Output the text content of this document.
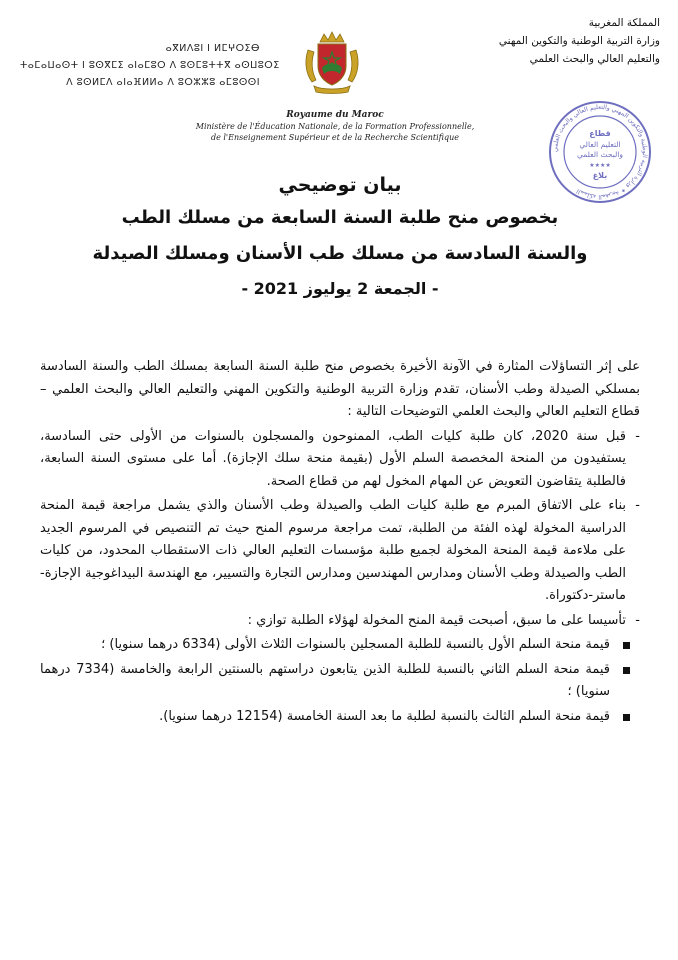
المملكة المغربية
وزارة التربية الوطنية والتكوين المهني
والتعليم العالي والبحث العلمي
ⴰⴳⵍⴷⵓⵏ ⵏ ⵍⵎⵖⵔⵉⴱ
ⵜⴰⵎⴰⵡⴰⵙⵜ ⵏ ⵓⵙⴳⵎⵉ ⴰⵏⴰⵎⵓⵔ ⴷ ⵓⵙⵎⵓⵜⵜⴳ ⴰⵙⵡⵓⵔⵉ
ⴷ ⵓⵙⵍⵎⴷ ⴰⵏⴰⴼⵍⵍⴰ ⴷ ⵓⵔⵣⵣⵓ ⴰⵎⵓⵙⵙⵏ
Royaume du Maroc
Ministère de l'Éducation Nationale, de la Formation Professionnelle,
de l'Enseignement Supérieur et de la Recherche Scientifique
المملكة المغربية ✦ وزارة التربية الوطنية والتكوين المهني والتعليم العالي والبحث العلمي
قطاع
التعليم العالي
والبحث العلمي
★★★★
بلاغ
بيان توضيحي
بخصوص منح طلبة السنة السابعة من مسلك الطب
والسنة السادسة من مسلك طب الأسنان ومسلك الصيدلة
- الجمعة 2 يوليوز 2021 -

على إثر التساؤلات المثارة في الآونة الأخيرة بخصوص منح طلبة السنة السابعة بمسلك الطب والسنة السادسة بمسلكي الصيدلة وطب الأسنان، تقدم وزارة التربية الوطنية والتكوين المهني والتعليم العالي والبحث العلمي – قطاع التعليم العالي والبحث العلمي التوضيحات التالية :

-
قبل سنة 2020، كان طلبة كليات الطب، الممنوحون والمسجلون بالسنوات من الأولى حتى السادسة، يستفيدون من المنحة المخصصة السلم الأول (بقيمة منحة سلك الإجازة). أما على مستوى السنة السابعة، فالطلبة يتقاضون التعويض عن المهام المخول لهم من قطاع الصحة.
-
بناء على الاتفاق المبرم مع طلبة كليات الطب والصيدلة وطب الأسنان والذي يشمل مراجعة قيمة المنحة الدراسية المخولة لهذه الفئة من الطلبة، تمت مراجعة مرسوم المنح حيث تم التنصيص في المرسوم الجديد على ملاءمة قيمة المنحة المخولة لجميع طلبة مؤسسات التعليم العالي ذات الاستقطاب المحدود، من كليات الطب والصيدلة وطب الأسنان ومدارس المهندسين ومدارس التجارة والتسيير، مع الهندسة البيداغوجية الإجازة-ماستر-دكتوراة.
-
تأسيسا على ما سبق، أصبحت قيمة المنح المخولة لهؤلاء الطلبة توازي :
قيمة منحة السلم الأول بالنسبة للطلبة المسجلين بالسنوات الثلاث الأولى (6334 درهما سنويا) ؛
قيمة منحة السلم الثاني بالنسبة للطلبة الذين يتابعون دراستهم بالسنتين الرابعة والخامسة (7334 درهما سنويا) ؛
قيمة منحة السلم الثالث بالنسبة لطلبة ما بعد السنة الخامسة (12154 درهما سنويا).
